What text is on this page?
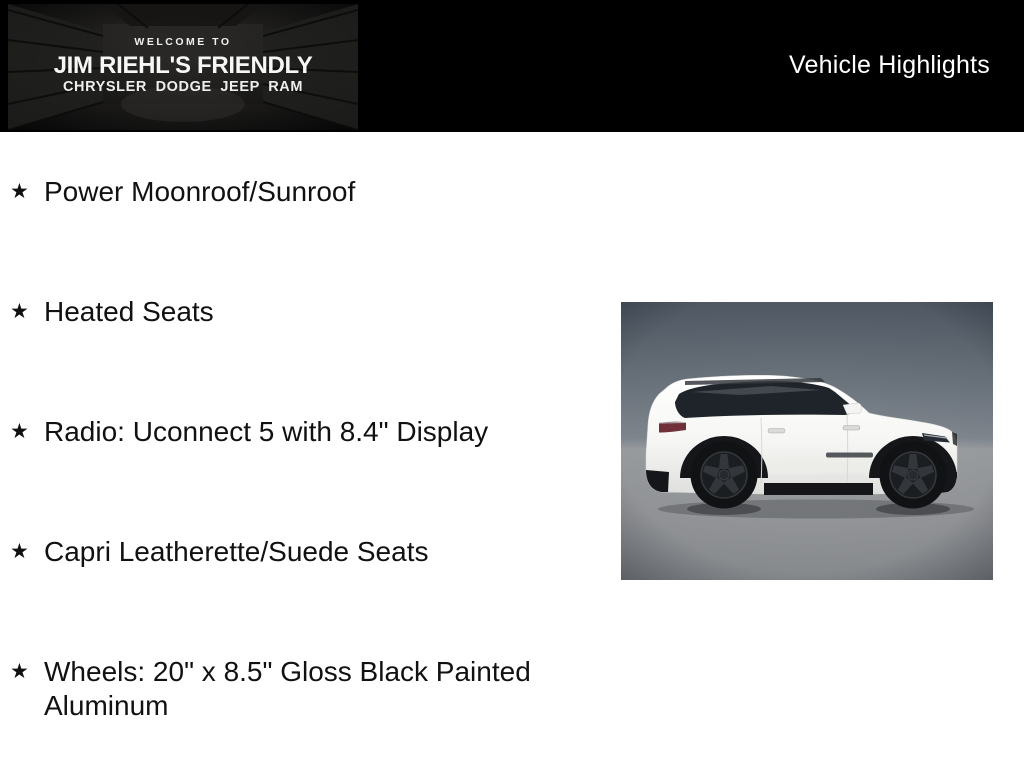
WELCOME TO
JIM RIEHL'S FRIENDLY
CHRYSLER DODGE JEEP RAM
Vehicle Highlights
★ Power Moonroof/Sunroof
★ Heated Seats
★ Radio: Uconnect 5 with 8.4" Display
★ Capri Leatherette/Suede Seats
★ Wheels: 20" x 8.5" Gloss Black Painted Aluminum
